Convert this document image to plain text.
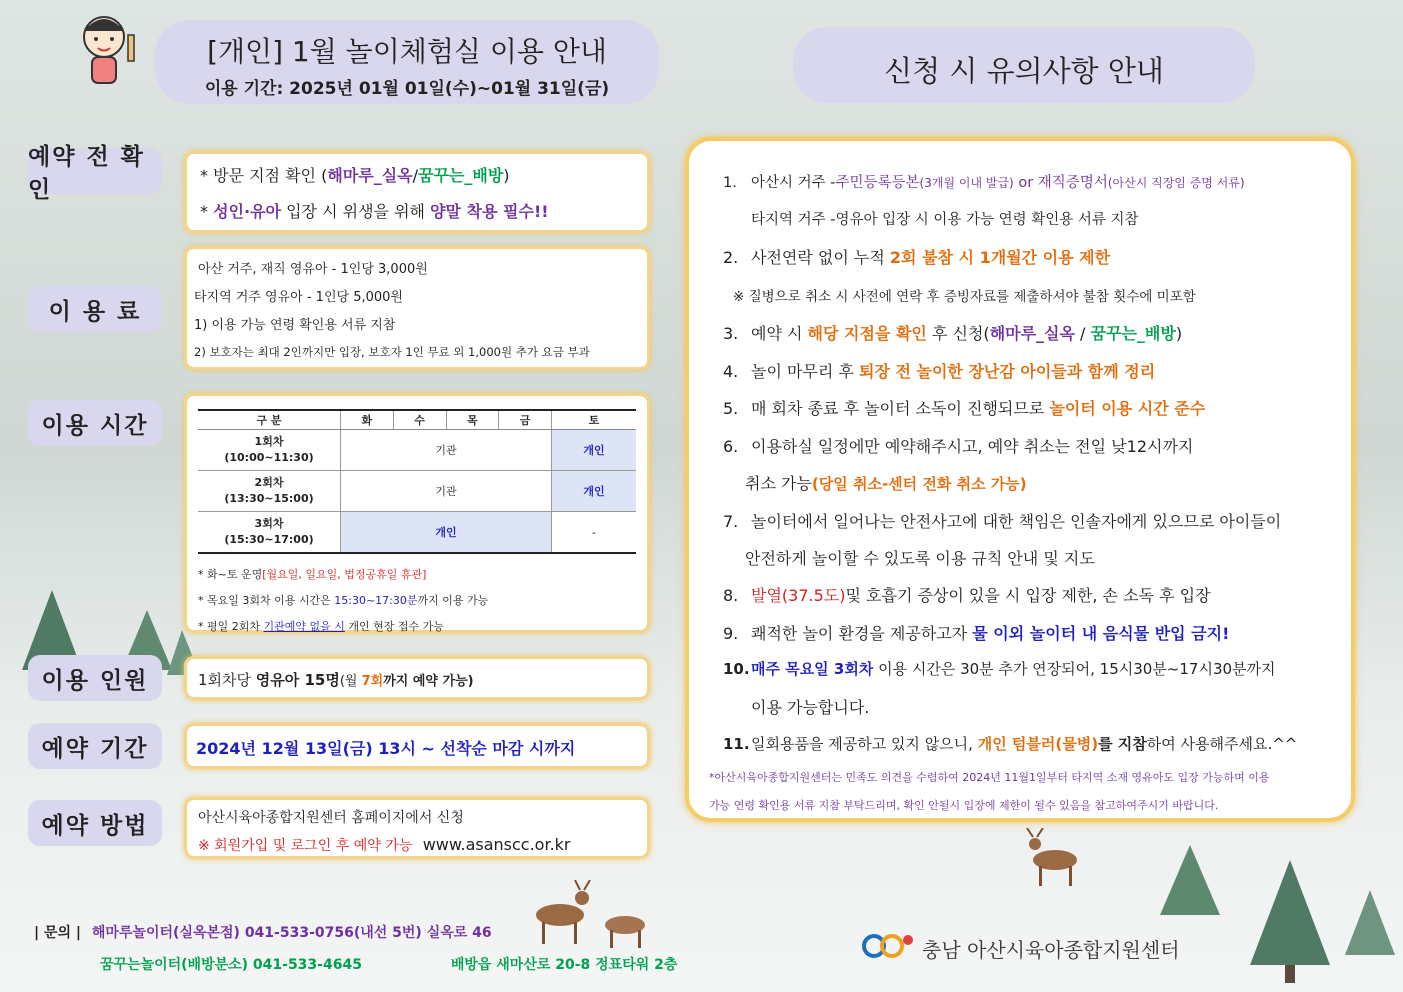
[개인] 1월 놀이체험실 이용 안내
이용 기간: 2025년 01월 01일(수)~01월 31일(금)
신청 시 유의사항 안내
예약 전 확인
* 방문 지점 확인 (해마루_실옥/꿈꾸는_배방)
* 성인·유아 입장 시 위생을 위해 양말 착용 필수!!
이 용 료
아산 거주, 재직 영유아 - 1인당 3,000원
타지역 거주 영유아 - 1인당 5,000원
1) 이용 가능 연령 확인용 서류 지참
2) 보호자는 최대 2인까지만 입장, 보호자 1인 무료 외 1,000원 추가 요금 부과
이용 시간	구 분	화	수	목	금	토

1회차
(10:00~11:30)	기관				개인

2회차
(13:30~15:00)	기관				개인

3회차
(15:30~17:00)	개인				-
* 화~토 운영[월요일, 일요일, 법정공휴일 휴관]
* 목요일 3회차 이용 시간은 15:30~17:30분까지 이용 가능
* 평일 2회차 기관예약 없을 시 개인 현장 접수 가능
이용 인원	1회차당 영유아 15명(월 7회까지 예약 가능)
예약 기간	2024년 12월 13일(금) 13시 ~ 선착순 마감 시까지
예약 방법	아산시육아종합지원센터 홈페이지에서 신청
※ 회원가입 및 로그인 후 예약 가능 www.asanscc.or.kr
1. 아산시 거주 -주민등록등본(3개월 이내 발급) or 재직증명서(아산시 직장임 증명 서류)
타지역 거주 -영유아 입장 시 이용 가능 연령 확인용 서류 지참
2. 사전연락 없이 누적 2회 불참 시 1개월간 이용 제한
※ 질병으로 취소 시 사전에 연락 후 증빙자료를 제출하셔야 불참 횟수에 미포함
3. 예약 시 해당 지점을 확인 후 신청(해마루_실옥 / 꿈꾸는_배방)
4. 놀이 마무리 후 퇴장 전 놀이한 장난감 아이들과 함께 정리
5. 매 회차 종료 후 놀이터 소독이 진행되므로 놀이터 이용 시간 준수
6. 이용하실 일정에만 예약해주시고, 예약 취소는 전일 낮12시까지
취소 가능(당일 취소-센터 전화 취소 가능)
7. 놀이터에서 일어나는 안전사고에 대한 책임은 인솔자에게 있으므로 아이들이
안전하게 놀이할 수 있도록 이용 규칙 안내 및 지도
8. 발열(37.5도)및 호흡기 증상이 있을 시 입장 제한, 손 소독 후 입장
9. 쾌적한 놀이 환경을 제공하고자 물 이외 놀이터 내 음식물 반입 금지!
10.매주 목요일 3회차 이용 시간은 30분 추가 연장되어, 15시30분~17시30분까지
이용 가능합니다.
11.일회용품을 제공하고 있지 않으니, 개인 텀블러(물병)를 지참하여 사용해주세요.^^
*아산시육아종합지원센터는 민족도 의견을 수렴하여 2024년 11월1일부터 타지역 소재 영유아도 입장 가능하며 이용
가능 연령 확인용 서류 지참 부탁드리며, 확인 안될시 입장에 제한이 될수 있음을 참고하여주시기 바랍니다.
| 문의 | 해마루놀이터(실옥본점) 041-533-0756(내선 5번) 실옥로 46
꿈꾸는놀이터(배방분소) 041-533-4645	배방읍 새마산로 20-8 정표타워 2층
충남 아산시육아종합지원센터
